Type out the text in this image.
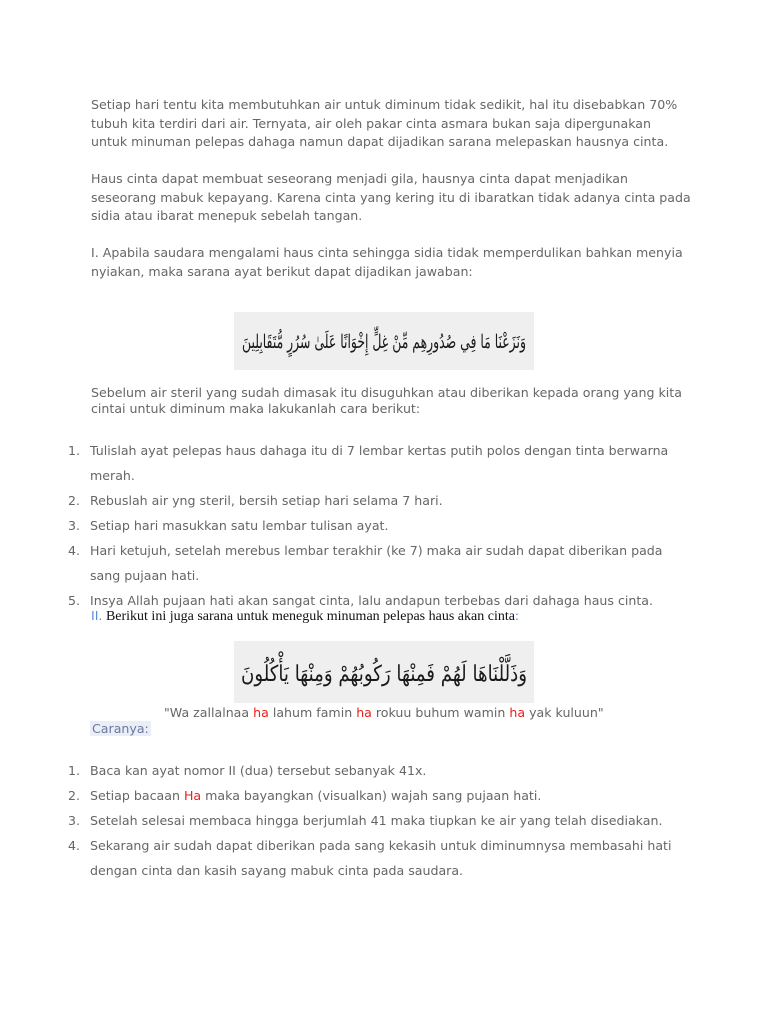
Setiap hari tentu kita membutuhkan air untuk diminum tidak sedikit, hal itu disebabkan 70% tubuh kita terdiri dari air. Ternyata, air oleh pakar cinta asmara bukan saja dipergunakan untuk minuman pelepas dahaga namun dapat dijadikan sarana melepaskan hausnya cinta.

Haus cinta dapat membuat seseorang menjadi gila, hausnya cinta dapat menjadikan seseorang mabuk kepayang. Karena cinta yang kering itu di ibaratkan tidak adanya cinta pada sidia atau ibarat menepuk sebelah tangan.

I. Apabila saudara mengalami haus cinta sehingga sidia tidak memperdulikan bahkan menyia nyiakan, maka sarana ayat berikut dapat dijadikan jawaban:

وَنَزَعْنَا مَا فِي صُدُورِهِم مِّنْ غِلٍّ إِخْوَانًا عَلَىٰ سُرُرٍ مُّتَقَابِلِينَ

Sebelum air steril yang sudah dimasak itu disuguhkan atau diberikan kepada orang yang kita cintai untuk diminum maka lakukanlah cara berikut:

1. Tulislah ayat pelepas haus dahaga itu di 7 lembar kertas putih polos dengan tinta berwarna merah.
2. Rebuslah air yng steril, bersih setiap hari selama 7 hari.
3. Setiap hari masukkan satu lembar tulisan ayat.
4. Hari ketujuh, setelah merebus lembar terakhir (ke 7) maka air sudah dapat diberikan pada sang pujaan hati.
5. Insya Allah pujaan hati akan sangat cinta, lalu andapun terbebas dari dahaga haus cinta.
II. Berikut ini juga sarana untuk meneguk minuman pelepas haus akan cinta:
وَذَلَّلْنَاهَا لَهُمْ فَمِنْهَا رَكُوبُهُمْ وَمِنْهَا يَأْكُلُونَ
"Wa zallalnaa ha lahum famin ha rokuu buhum wamin ha yak kuluun"
Caranya:
1. Baca kan ayat nomor II (dua) tersebut sebanyak 41x.
2. Setiap bacaan Ha maka bayangkan (visualkan) wajah sang pujaan hati.
3. Setelah selesai membaca hingga berjumlah 41 maka tiupkan ke air yang telah disediakan.
4. Sekarang air sudah dapat diberikan pada sang kekasih untuk diminumnysa membasahi hati dengan cinta dan kasih sayang mabuk cinta pada saudara.
